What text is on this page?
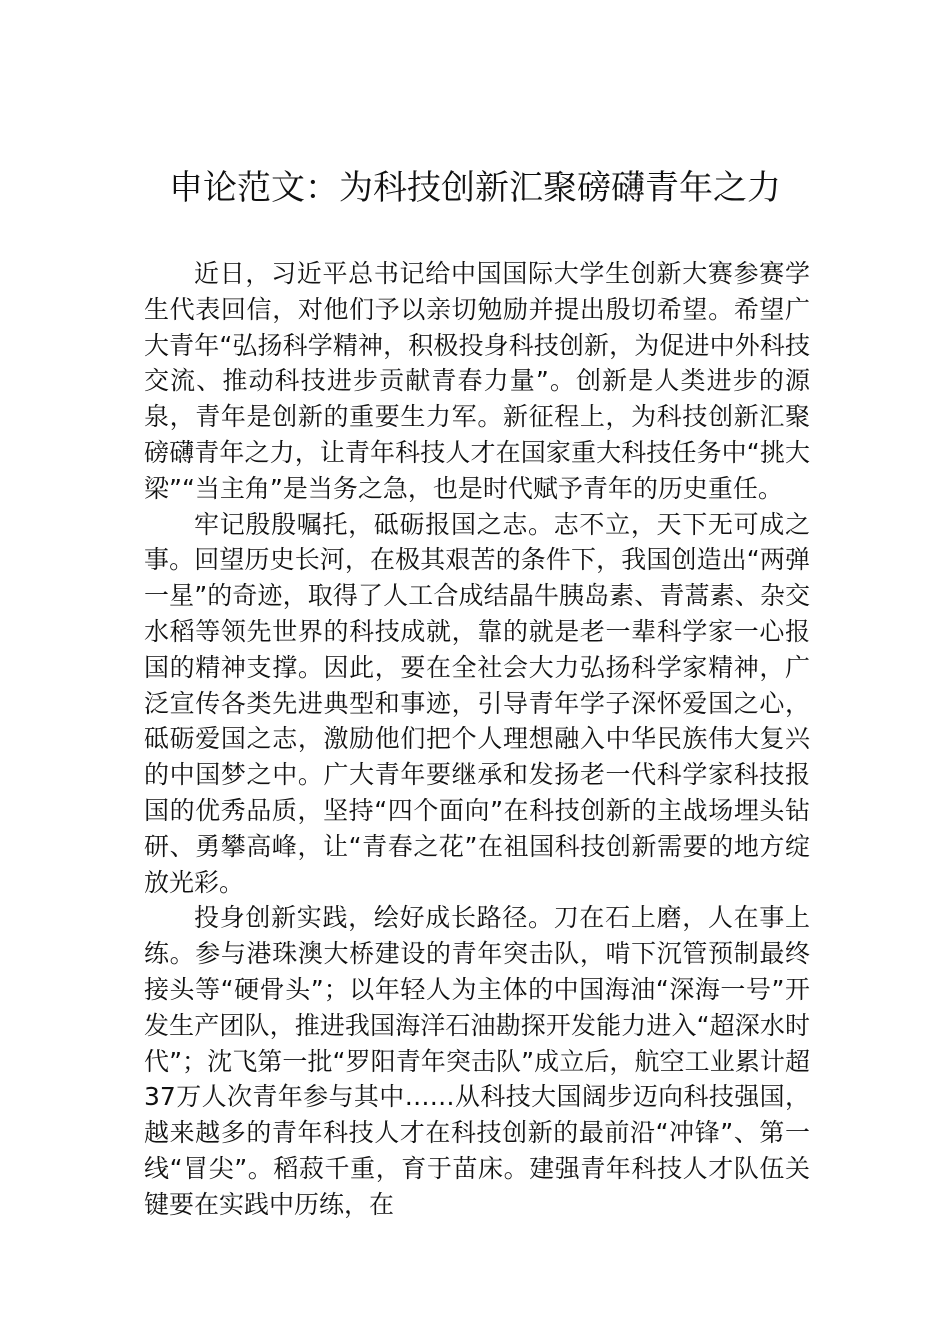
申论范文：为科技创新汇聚磅礴青年之力

近日，习近平总书记给中国国际大学生创新大赛参赛学生代表回信，对他们予以亲切勉励并提出殷切希望。希望广大青年“弘扬科学精神，积极投身科技创新，为促进中外科技交流、推动科技进步贡献青春力量”。创新是人类进步的源泉，青年是创新的重要生力军。新征程上，为科技创新汇聚磅礴青年之力，让青年科技人才在国家重大科技任务中“挑大梁”“当主角”是当务之急，也是时代赋予青年的历史重任。

牢记殷殷嘱托，砥砺报国之志。志不立，天下无可成之事。回望历史长河，在极其艰苦的条件下，我国创造出“两弹一星”的奇迹，取得了人工合成结晶牛胰岛素、青蒿素、杂交水稻等领先世界的科技成就，靠的就是老一辈科学家一心报国的精神支撑。因此，要在全社会大力弘扬科学家精神，广泛宣传各类先进典型和事迹，引导青年学子深怀爱国之心，砥砺爱国之志，激励他们把个人理想融入中华民族伟大复兴的中国梦之中。广大青年要继承和发扬老一代科学家科技报国的优秀品质，坚持“四个面向”在科技创新的主战场埋头钻研、勇攀高峰，让“青春之花”在祖国科技创新需要的地方绽放光彩。

投身创新实践，绘好成长路径。刀在石上磨，人在事上练。参与港珠澳大桥建设的青年突击队，啃下沉管预制最终接头等“硬骨头”；以年轻人为主体的中国海油“深海一号”开发生产团队，推进我国海洋石油勘探开发能力进入“超深水时代”；沈飞第一批“罗阳青年突击队”成立后，航空工业累计超37万人次青年参与其中……从科技大国阔步迈向科技强国，越来越多的青年科技人才在科技创新的最前沿“冲锋”、第一线“冒尖”。稻菽千重，育于苗床。建强青年科技人才队伍关键要在实践中历练，在
